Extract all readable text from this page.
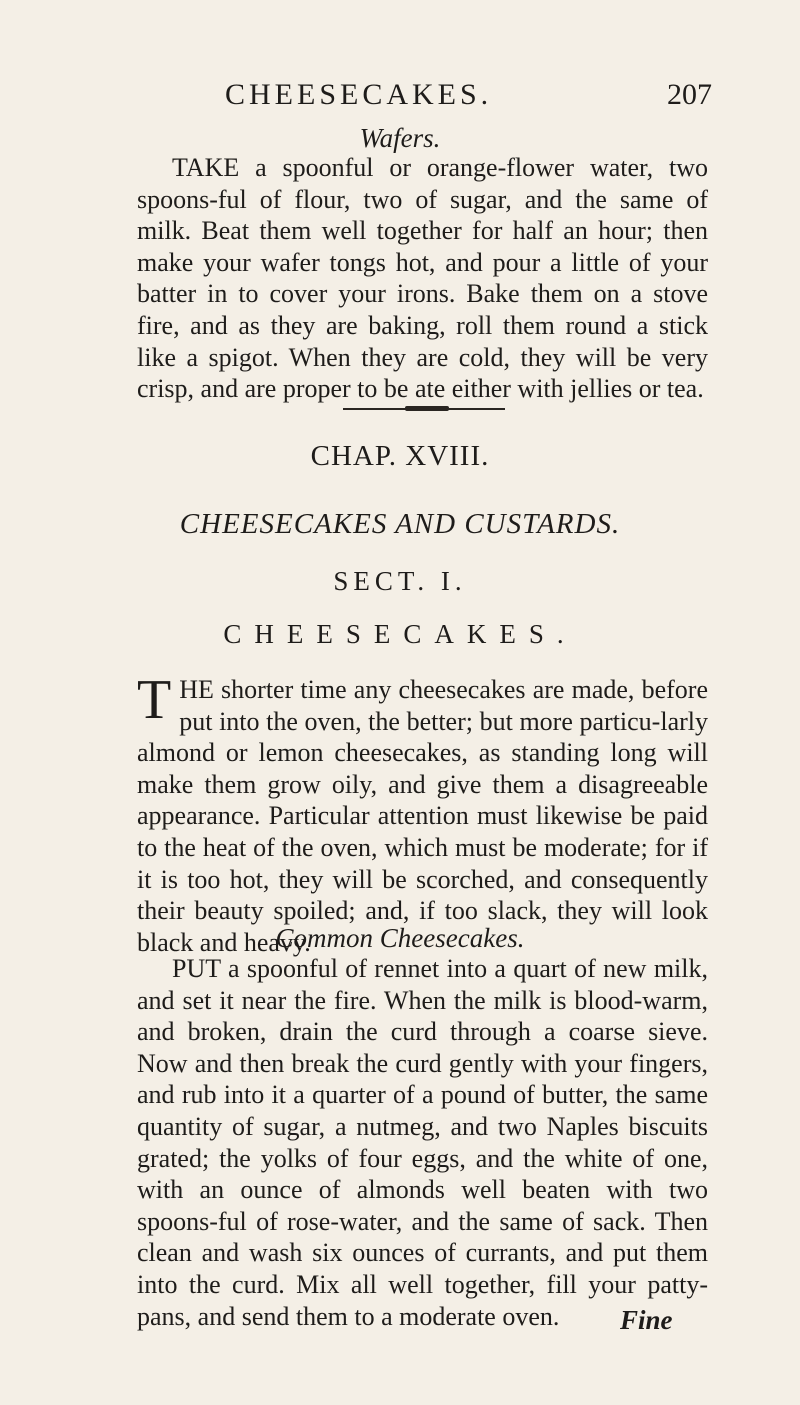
CHEESECAKES.	207
Wafers.

TAKE a spoonful or orange-flower water, two spoons-ful of flour, two of sugar, and the same of milk. Beat them well together for half an hour; then make your wafer tongs hot, and pour a little of your batter in to cover your irons. Bake them on a stove fire, and as they are baking, roll them round a stick like a spigot. When they are cold, they will be very crisp, and are proper to be ate either with jellies or tea.

CHAP. XVIII.
CHEESECAKES AND CUSTARDS.
SECT. I.
CHEESECAKES.

THE shorter time any cheesecakes are made, before put into the oven, the better; but more particu-larly almond or lemon cheesecakes, as standing long will make them grow oily, and give them a disagreeable appearance. Particular attention must likewise be paid to the heat of the oven, which must be moderate; for if it is too hot, they will be scorched, and consequently their beauty spoiled; and, if too slack, they will look black and heavy.

Common Cheesecakes.

PUT a spoonful of rennet into a quart of new milk, and set it near the fire. When the milk is blood-warm, and broken, drain the curd through a coarse sieve. Now and then break the curd gently with your fingers, and rub into it a quarter of a pound of butter, the same quantity of sugar, a nutmeg, and two Naples biscuits grated; the yolks of four eggs, and the white of one, with an ounce of almonds well beaten with two spoons-ful of rose-water, and the same of sack. Then clean and wash six ounces of currants, and put them into the curd. Mix all well together, fill your patty-pans, and send them to a moderate oven.	Fine
